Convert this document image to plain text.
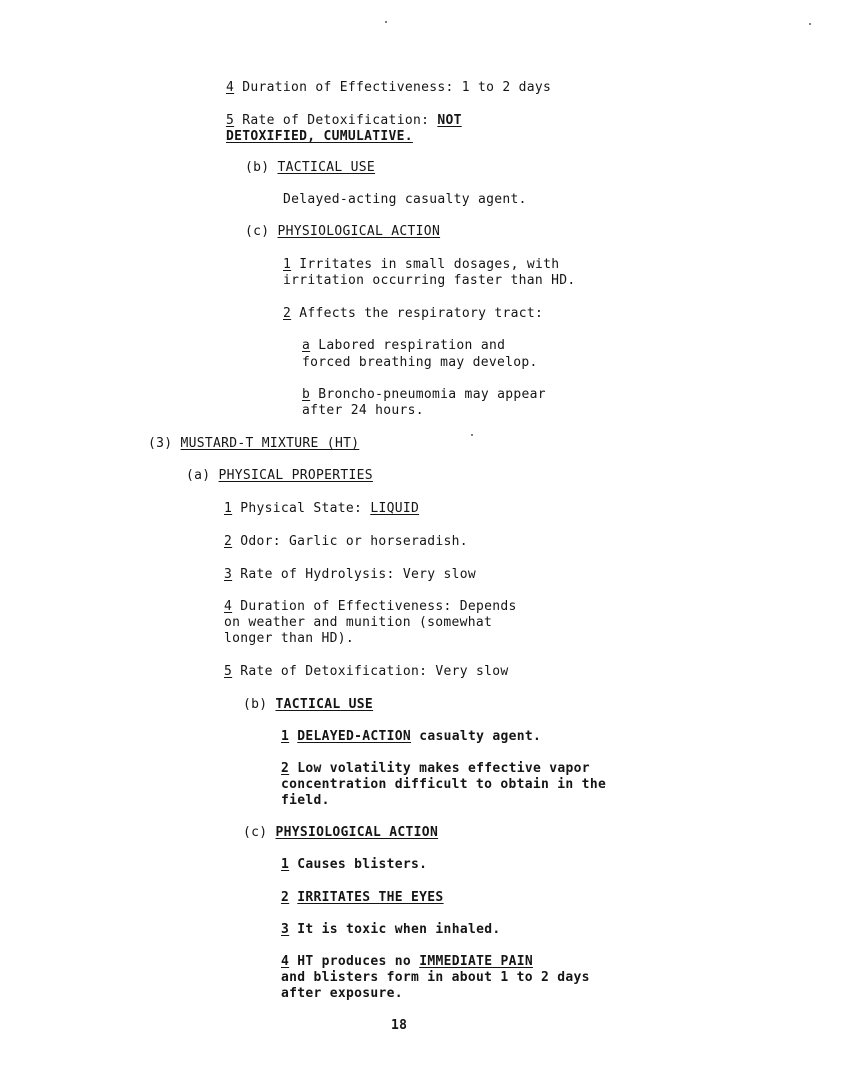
4 Duration of Effectiveness: 1 to 2 days
5 Rate of Detoxification: NOT
DETOXIFIED, CUMULATIVE.
(b) TACTICAL USE
Delayed-acting casualty agent.
(c) PHYSIOLOGICAL ACTION
1 Irritates in small dosages, with
irritation occurring faster than HD.
2 Affects the respiratory tract:
a Labored respiration and
forced breathing may develop.
b Broncho-pneumomia may appear
after 24 hours.
(3) MUSTARD-T MIXTURE (HT)
(a) PHYSICAL PROPERTIES
1 Physical State: LIQUID
2 Odor: Garlic or horseradish.
3 Rate of Hydrolysis: Very slow
4 Duration of Effectiveness: Depends
on weather and munition (somewhat
longer than HD).
5 Rate of Detoxification: Very slow
(b) TACTICAL USE
1 DELAYED-ACTION casualty agent.
2 Low volatility makes effective vapor
concentration difficult to obtain in the
field.
(c) PHYSIOLOGICAL ACTION
1 Causes blisters.
2 IRRITATES THE EYES
3 It is toxic when inhaled.
4 HT produces no IMMEDIATE PAIN
and blisters form in about 1 to 2 days
after exposure.
18
